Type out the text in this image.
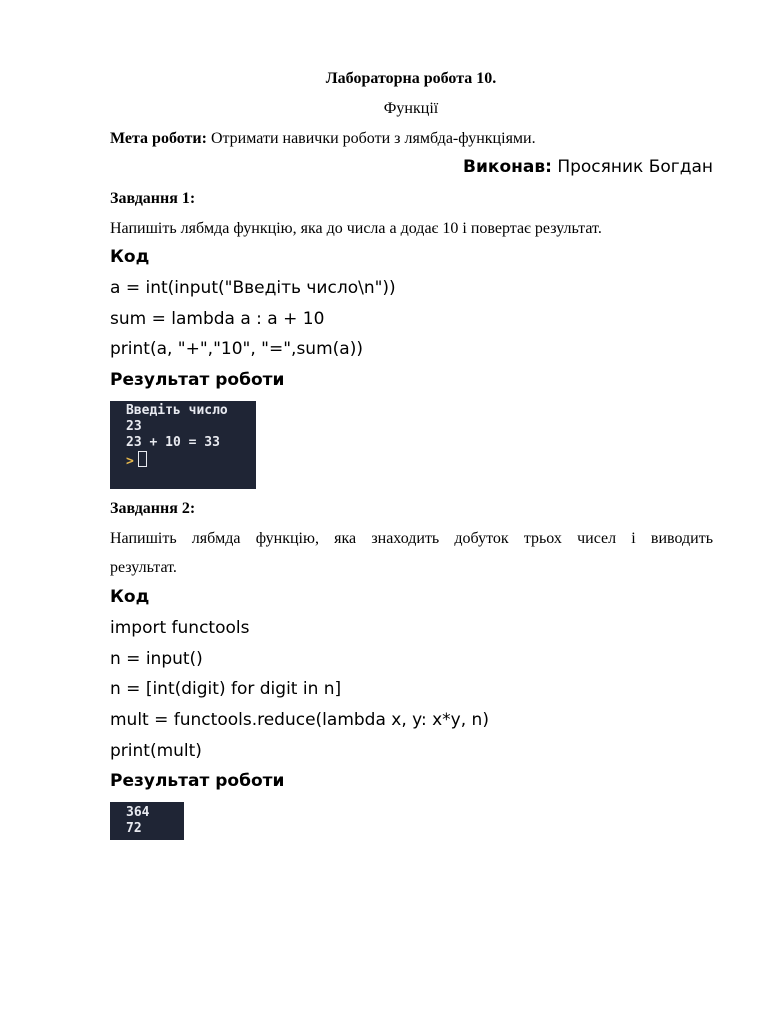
Лабораторна робота 10.
Функції
Мета роботи: Отримати навички роботи з лямбда-функціями.
Виконав: Просяник Богдан
Завдання 1:
Напишіть лябмда функцію, яка до числа а додає 10 і повертає результат.
Код
a = int(input("Введіть число\n"))
sum = lambda a : a + 10
print(a, "+","10", "=",sum(a))
Результат роботи
Введіть число
23
23 + 10 = 33
>
Завдання 2:
Напишіть лябмда функцію, яка знаходить добуток трьох чисел і виводить
результат.
Код
import functools
n = input()
n = [int(digit) for digit in n]
mult = functools.reduce(lambda x, y: x*y, n)
print(mult)
Результат роботи
364
72
